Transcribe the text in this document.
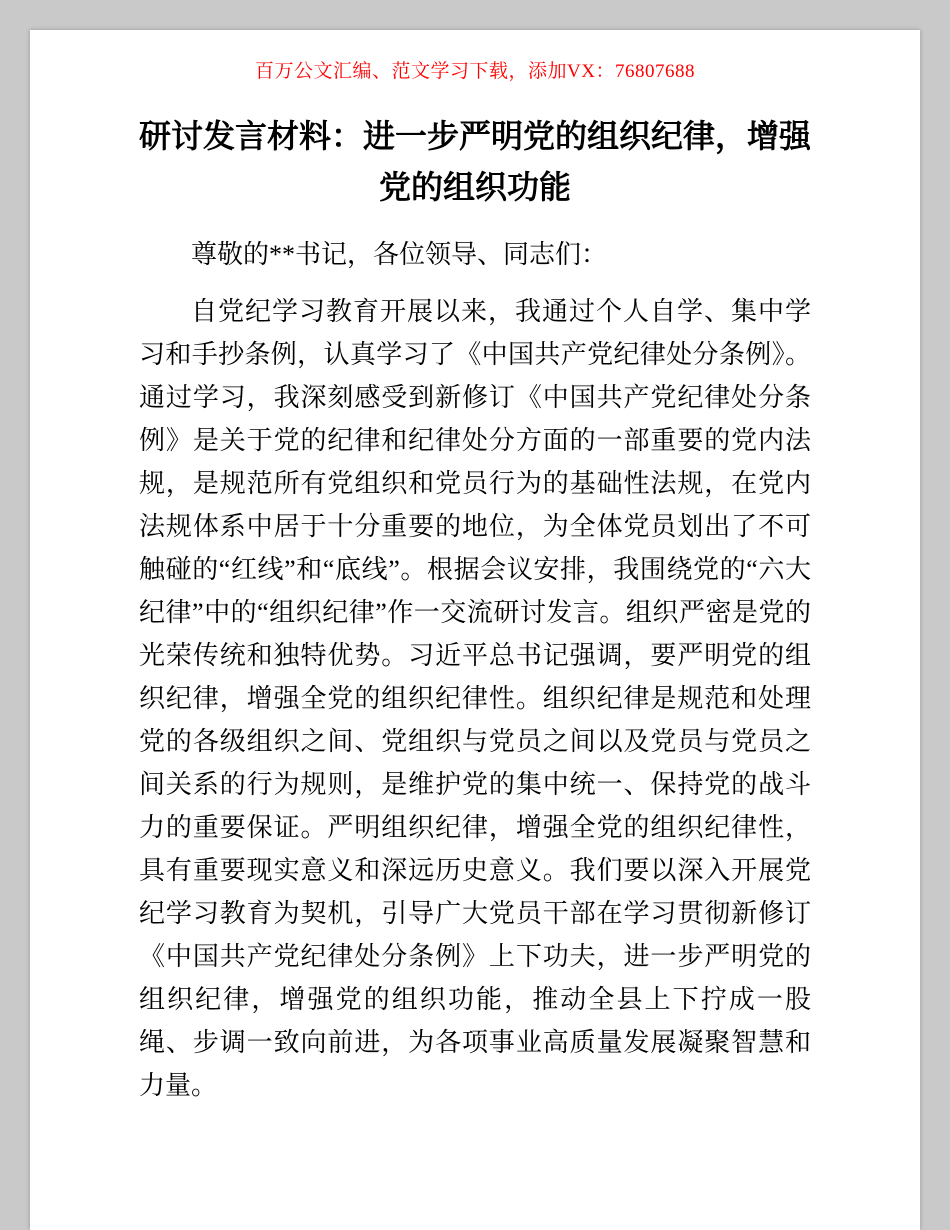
百万公文汇编、范文学习下载，添加VX：76807688
研讨发言材料：进一步严明党的组织纪律，增强党的组织功能

尊敬的**书记，各位领导、同志们：

自党纪学习教育开展以来，我通过个人自学、集中学习和手抄条例，认真学习了《中国共产党纪律处分条例》。通过学习，我深刻感受到新修订《中国共产党纪律处分条例》是关于党的纪律和纪律处分方面的一部重要的党内法规，是规范所有党组织和党员行为的基础性法规，在党内法规体系中居于十分重要的地位，为全体党员划出了不可触碰的“红线”和“底线”。根据会议安排，我围绕党的“六大纪律”中的“组织纪律”作一交流研讨发言。组织严密是党的光荣传统和独特优势。习近平总书记强调，要严明党的组织纪律，增强全党的组织纪律性。组织纪律是规范和处理党的各级组织之间、党组织与党员之间以及党员与党员之间关系的行为规则，是维护党的集中统一、保持党的战斗力的重要保证。严明组织纪律，增强全党的组织纪律性，具有重要现实意义和深远历史意义。我们要以深入开展党纪学习教育为契机，引导广大党员干部在学习贯彻新修订《中国共产党纪律处分条例》上下功夫，进一步严明党的组织纪律，增强党的组织功能，推动全县上下拧成一股绳、步调一致向前进，为各项事业高质量发展凝聚智慧和力量。
